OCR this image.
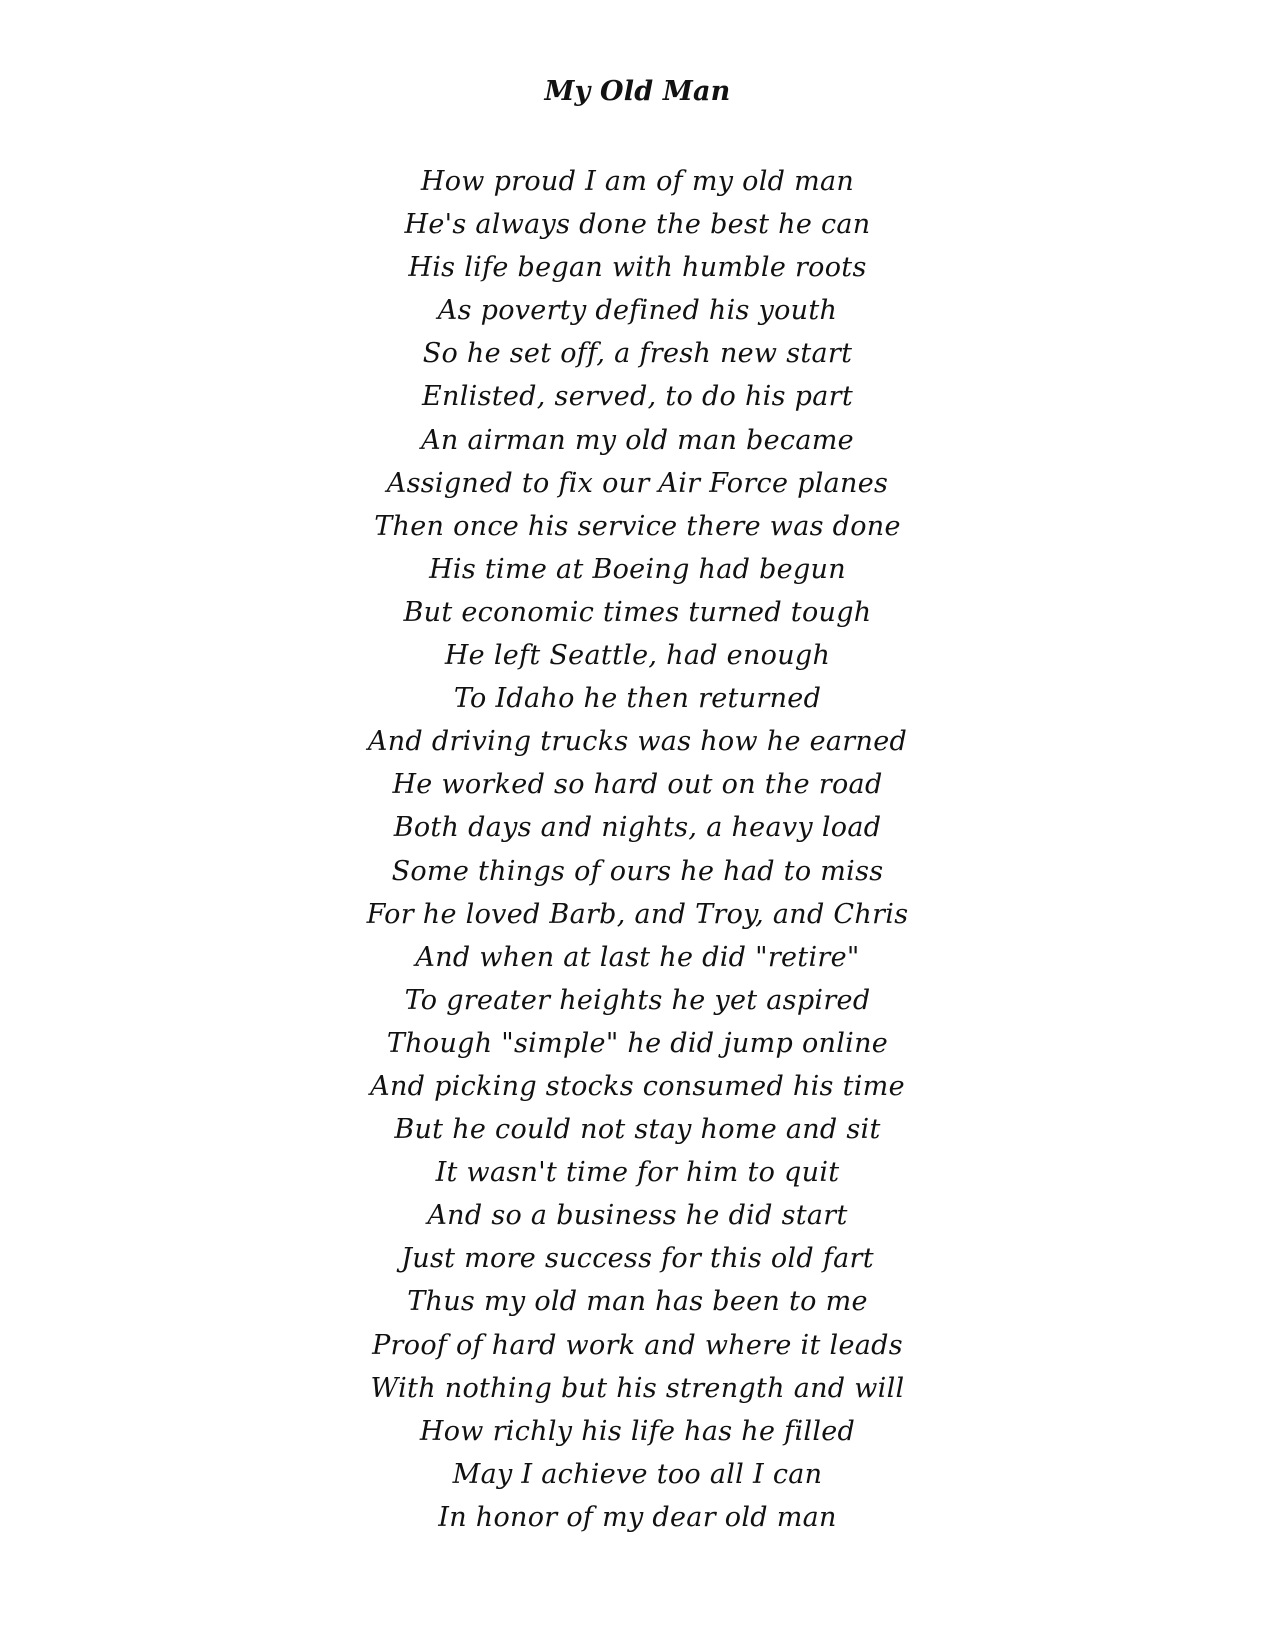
My Old Man
How proud I am of my old man
He's always done the best he can
His life began with humble roots
As poverty defined his youth
So he set off, a fresh new start
Enlisted, served, to do his part
An airman my old man became
Assigned to fix our Air Force planes
Then once his service there was done
His time at Boeing had begun
But economic times turned tough
He left Seattle, had enough
To Idaho he then returned
And driving trucks was how he earned
He worked so hard out on the road
Both days and nights, a heavy load
Some things of ours he had to miss
For he loved Barb, and Troy, and Chris
And when at last he did "retire"
To greater heights he yet aspired
Though "simple" he did jump online
And picking stocks consumed his time
But he could not stay home and sit
It wasn't time for him to quit
And so a business he did start
Just more success for this old fart
Thus my old man has been to me
Proof of hard work and where it leads
With nothing but his strength and will
How richly his life has he filled
May I achieve too all I can
In honor of my dear old man
